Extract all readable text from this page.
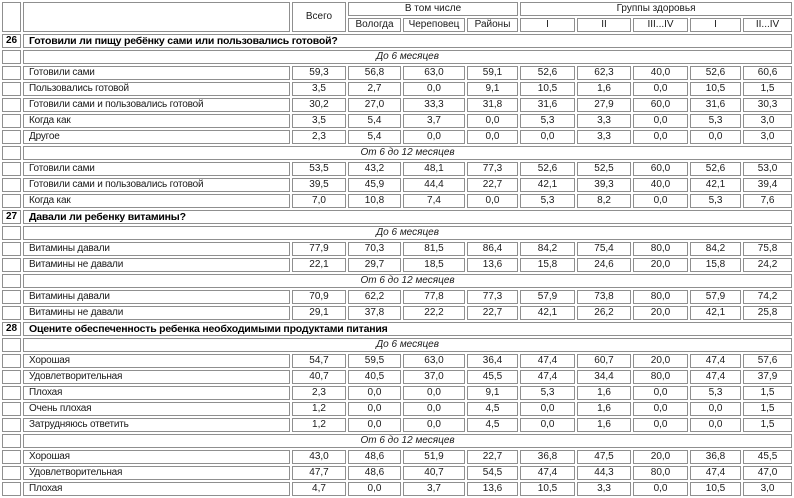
		Всего	В том числе			Группы здоровья				
			Вологда	Череповец	Районы	I	II	III...IV	I	II...IV
26	Готовили ли пищу ребёнку сами или пользовались готовой?									
	До 6 месяцев									
	Готовили сами	59,3	56,8	63,0	59,1	52,6	62,3	40,0	52,6	60,6
	Пользовались готовой	3,5	2,7	0,0	9,1	10,5	1,6	0,0	10,5	1,5
	Готовили сами и пользовались готовой	30,2	27,0	33,3	31,8	31,6	27,9	60,0	31,6	30,3
	Когда как	3,5	5,4	3,7	0,0	5,3	3,3	0,0	5,3	3,0
	Другое	2,3	5,4	0,0	0,0	0,0	3,3	0,0	0,0	3,0
	От 6 до 12 месяцев									
	Готовили сами	53,5	43,2	48,1	77,3	52,6	52,5	60,0	52,6	53,0
	Готовили сами и пользовались готовой	39,5	45,9	44,4	22,7	42,1	39,3	40,0	42,1	39,4
	Когда как	7,0	10,8	7,4	0,0	5,3	8,2	0,0	5,3	7,6
27	Давали ли ребенку витамины?									
	До 6 месяцев									
	Витамины давали	77,9	70,3	81,5	86,4	84,2	75,4	80,0	84,2	75,8
	Витамины не давали	22,1	29,7	18,5	13,6	15,8	24,6	20,0	15,8	24,2
	От 6 до 12 месяцев									
	Витамины давали	70,9	62,2	77,8	77,3	57,9	73,8	80,0	57,9	74,2
	Витамины не давали	29,1	37,8	22,2	22,7	42,1	26,2	20,0	42,1	25,8
28	Оцените обеспеченность ребенка необходимыми продуктами питания									
	До 6 месяцев									
	Хорошая	54,7	59,5	63,0	36,4	47,4	60,7	20,0	47,4	57,6
	Удовлетворительная	40,7	40,5	37,0	45,5	47,4	34,4	80,0	47,4	37,9
	Плохая	2,3	0,0	0,0	9,1	5,3	1,6	0,0	5,3	1,5
	Очень плохая	1,2	0,0	0,0	4,5	0,0	1,6	0,0	0,0	1,5
	Затрудняюсь ответить	1,2	0,0	0,0	4,5	0,0	1,6	0,0	0,0	1,5
	От 6 до 12 месяцев									
	Хорошая	43,0	48,6	51,9	22,7	36,8	47,5	20,0	36,8	45,5
	Удовлетворительная	47,7	48,6	40,7	54,5	47,4	44,3	80,0	47,4	47,0
	Плохая	4,7	0,0	3,7	13,6	10,5	3,3	0,0	10,5	3,0
